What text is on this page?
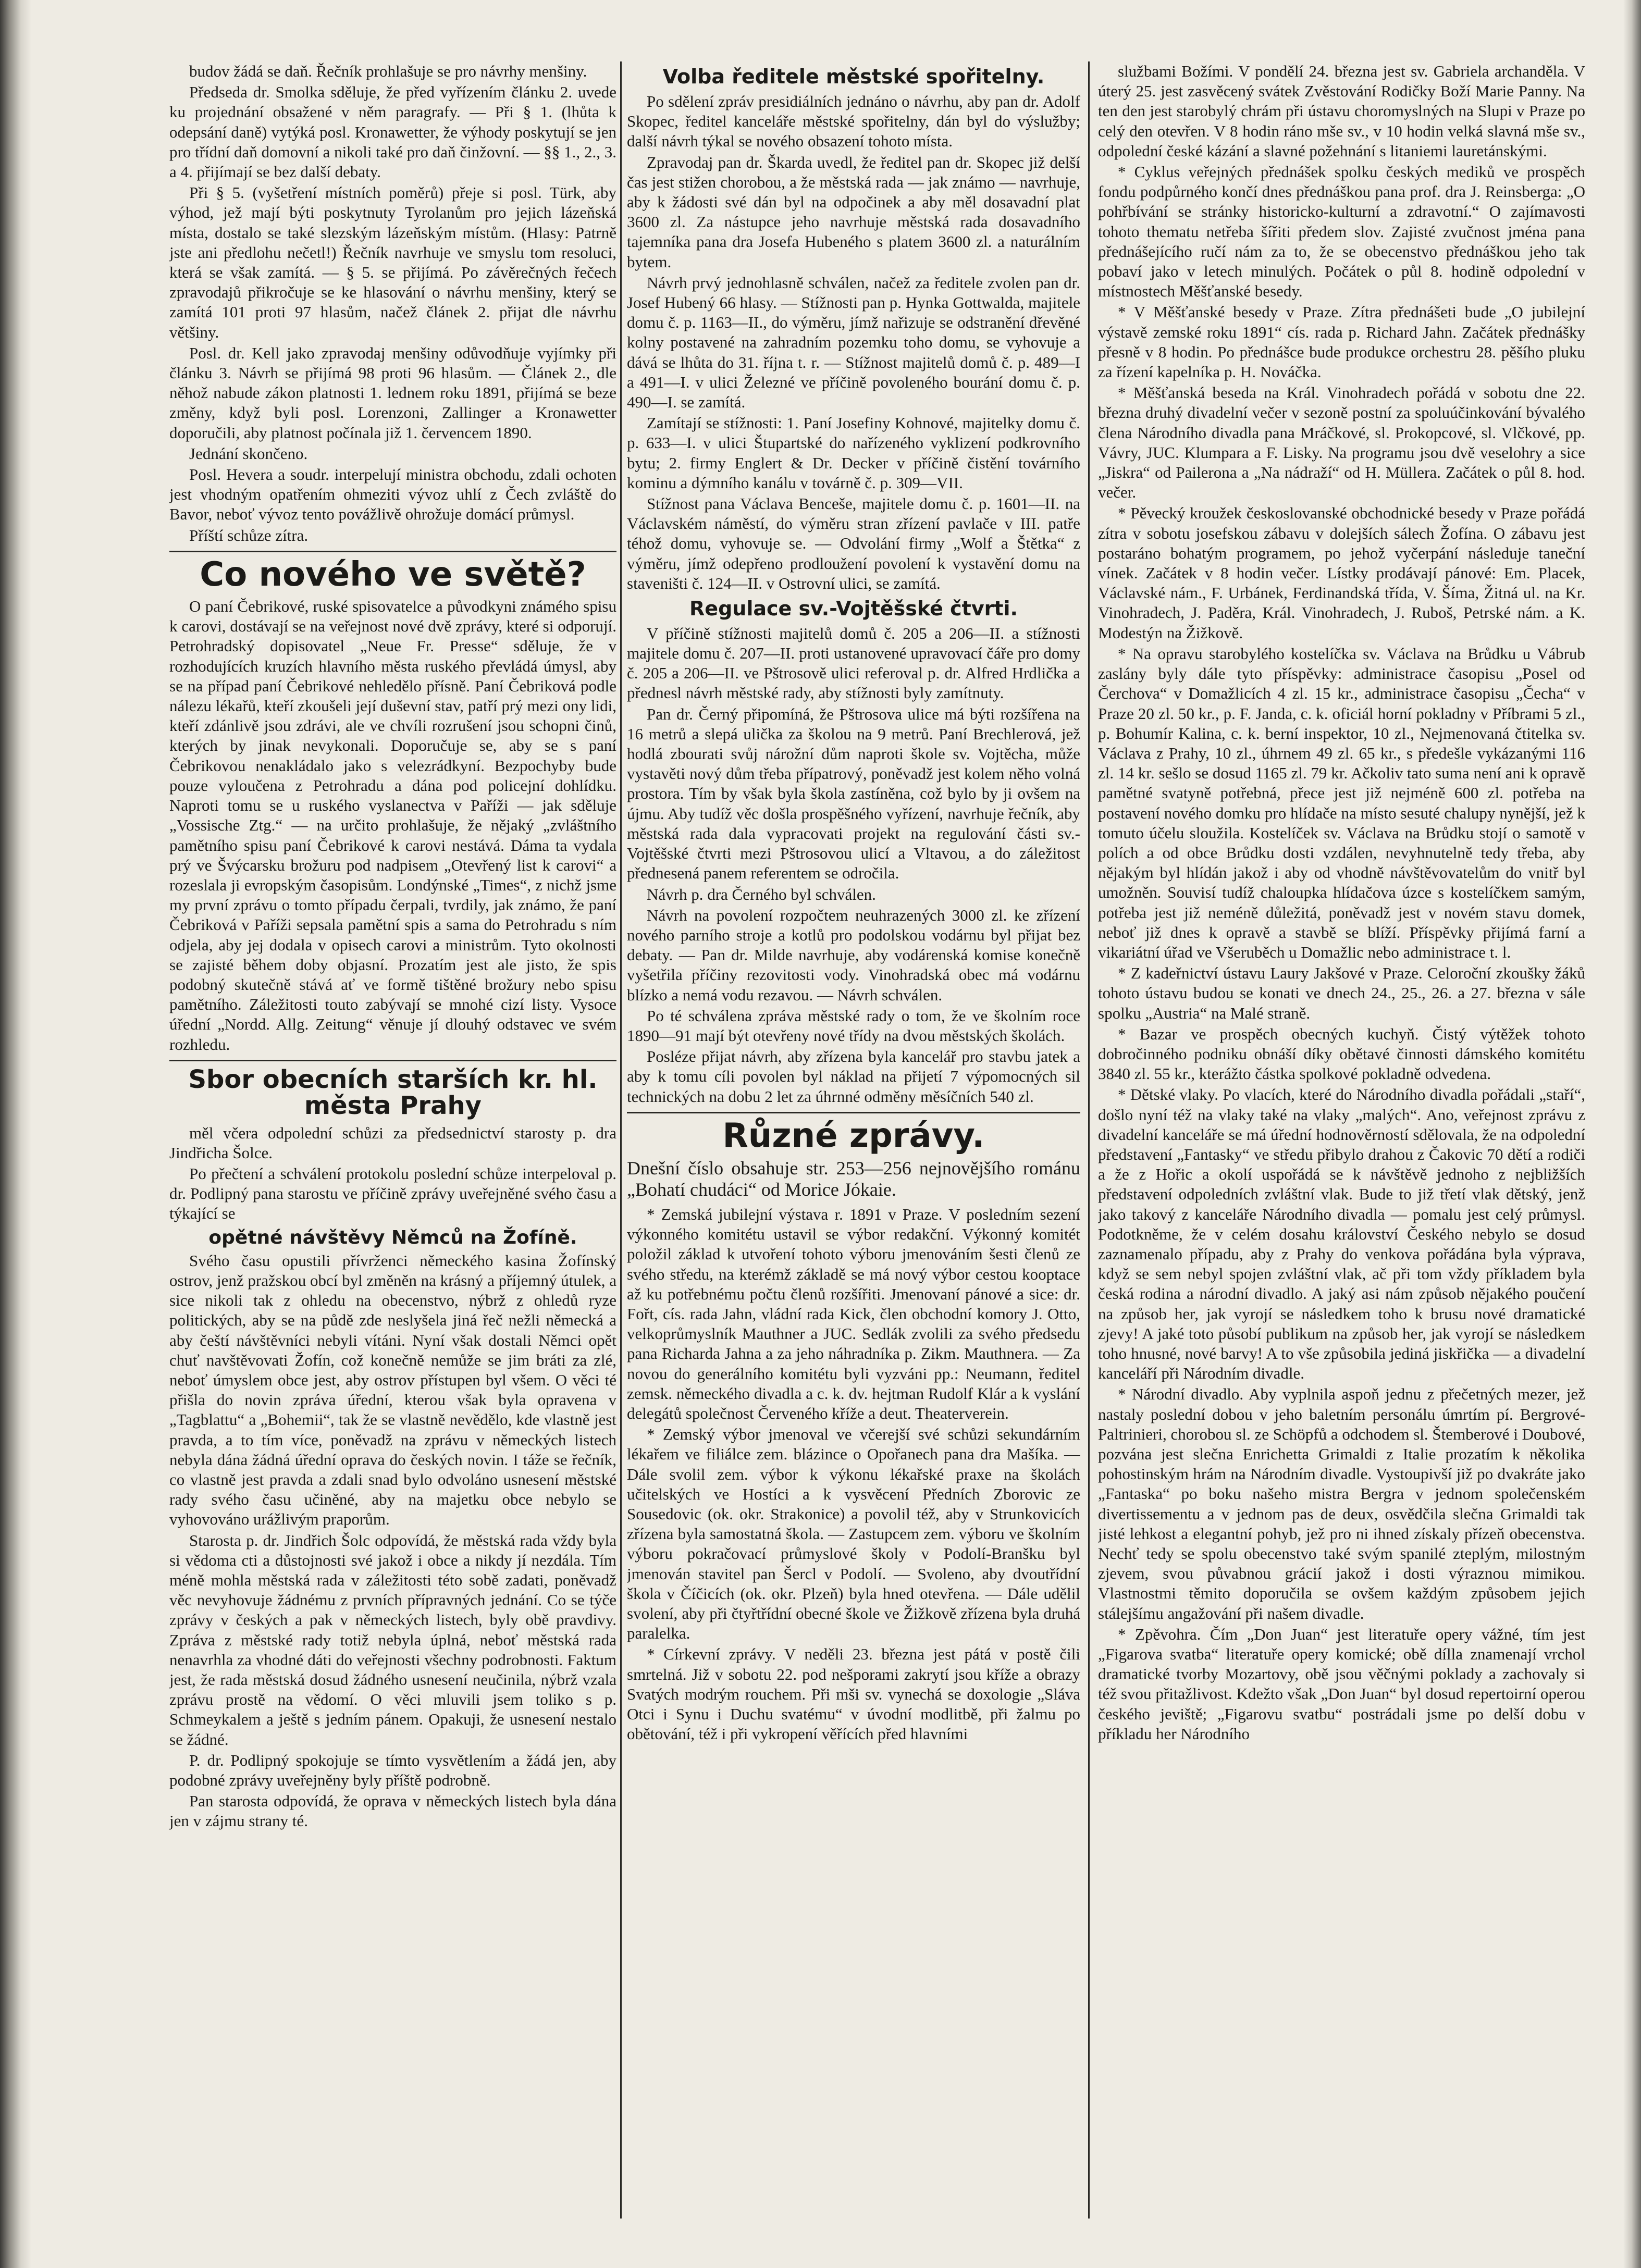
budov žádá se daň. Řečník prohlašuje se pro návrhy menšiny.

Předseda dr. Smolka sděluje, že před vyřízením článku 2. uvede ku projednání obsažené v něm paragrafy. — Při § 1. (lhůta k odepsání daně) vytýká posl. Kronawetter, že výhody poskytují se jen pro třídní daň domovní a nikoli také pro daň činžovní. — §§ 1., 2., 3. a 4. přijímají se bez další debaty.

Při § 5. (vyšetření místních poměrů) přeje si posl. Türk, aby výhod, jež mají býti poskytnuty Tyrolanům pro jejich lázeňská místa, dostalo se také slezským lázeňským místům. (Hlasy: Patrně jste ani předlohu nečetl!) Řečník navrhuje ve smyslu tom resoluci, která se však zamítá. — § 5. se přijímá. Po závěrečných řečech zpravodajů přikročuje se ke hlasování o návrhu menšiny, který se zamítá 101 proti 97 hlasům, načež článek 2. přijat dle návrhu většiny.

Posl. dr. Kell jako zpravodaj menšiny odůvodňuje vyjímky při článku 3. Návrh se přijímá 98 proti 96 hlasům. — Článek 2., dle něhož nabude zákon platnosti 1. lednem roku 1891, přijímá se beze změny, když byli posl. Lorenzoni, Zallinger a Kronawetter doporučili, aby platnost počínala již 1. červencem 1890.

Jednání skončeno.

Posl. Hevera a soudr. interpelují ministra obchodu, zdali ochoten jest vhodným opatřením ohmeziti vývoz uhlí z Čech zvláště do Bavor, neboť vývoz tento povážlivě ohrožuje domácí průmysl.

Příští schůze zítra.

Co nového ve světě?

O paní Čebrikové, ruské spisovatelce a původkyni známého spisu k carovi, dostávají se na veřejnost nové dvě zprávy, které si odporují. Petrohradský dopisovatel „Neue Fr. Presse“ sděluje, že v rozhodujících kruzích hlavního města ruského převládá úmysl, aby se na případ paní Čebrikové nehledělo přísně. Paní Čebriková podle nálezu lékařů, kteří zkoušeli její duševní stav, patří prý mezi ony lidi, kteří zdánlivě jsou zdrávi, ale ve chvíli rozrušení jsou schopni činů, kterých by jinak nevykonali. Doporučuje se, aby se s paní Čebrikovou nenakládalo jako s velezrádkyní. Bezpochyby bude pouze vyloučena z Petrohradu a dána pod policejní dohlídku. Naproti tomu se u ruského vyslanectva v Paříži — jak sděluje „Vossische Ztg.“ — na určito prohlašuje, že nějaký „zvláštního pamětního spisu paní Čebrikové k carovi nestává. Dáma ta vydala prý ve Švýcarsku brožuru pod nadpisem „Otevřený list k carovi“ a rozeslala ji evropským časopisům. Londýnské „Times“, z nichž jsme my první zprávu o tomto případu čerpali, tvrdily, jak známo, že paní Čebriková v Paříži sepsala pamětní spis a sama do Petrohradu s ním odjela, aby jej dodala v opisech carovi a ministrům. Tyto okolnosti se zajisté během doby objasní. Prozatím jest ale jisto, že spis podobný skutečně stává ať ve formě tištěné brožury nebo spisu pamětního. Záležitosti touto zabývají se mnohé cizí listy. Vysoce úřední „Nordd. Allg. Zeitung“ věnuje jí dlouhý odstavec ve svém rozhledu.

Sbor obecních starších kr. hl. města Prahy

měl včera odpolední schůzi za předsednictví starosty p. dra Jindřicha Šolce.

Po přečtení a schválení protokolu poslední schůze interpeloval p. dr. Podlipný pana starostu ve příčině zprávy uveřejněné svého času a týkající se

opětné návštěvy Němců na Žofíně.

Svého času opustili přívrženci německého kasina Žofínský ostrov, jenž pražskou obcí byl změněn na krásný a příjemný útulek, a sice nikoli tak z ohledu na obecenstvo, nýbrž z ohledů ryze politických, aby se na půdě zde neslyšela jiná řeč nežli německá a aby čeští návštěvníci nebyli vítáni. Nyní však dostali Němci opět chuť navštěvovati Žofín, což konečně nemůže se jim bráti za zlé, neboť úmyslem obce jest, aby ostrov přístupen byl všem. O věci té přišla do novin zpráva úřední, kterou však byla opravena v „Tagblattu“ a „Bohemii“, tak že se vlastně nevědělo, kde vlastně jest pravda, a to tím více, poněvadž na zprávu v německých listech nebyla dána žádná úřední oprava do českých novin. I táže se řečník, co vlastně jest pravda a zdali snad bylo odvoláno usnesení městské rady svého času učiněné, aby na majetku obce nebylo se vyhovováno urážlivým praporům.

Starosta p. dr. Jindřich Šolc odpovídá, že městská rada vždy byla si vědoma cti a důstojnosti své jakož i obce a nikdy jí nezdála. Tím méně mohla městská rada v záležitosti této sobě zadati, poněvadž věc nevyhovuje žádnému z prvních přípravných jednání. Co se týče zprávy v českých a pak v německých listech, byly obě pravdivy. Zpráva z městské rady totiž nebyla úplná, neboť městská rada nenavrhla za vhodné dáti do veřejnosti všechny podrobnosti. Faktum jest, že rada městská dosud žádného usnesení neučinila, nýbrž vzala zprávu prostě na vědomí. O věci mluvili jsem toliko s p. Schmeykalem a ještě s jedním pánem. Opakuji, že usnesení nestalo se žádné.

P. dr. Podlipný spokojuje se tímto vysvětlením a žádá jen, aby podobné zprávy uveřejněny byly příště podrobně.

Pan starosta odpovídá, že oprava v německých listech byla dána jen v zájmu strany té.

Volba ředitele městské spořitelny.

Po sdělení zpráv presidiálních jednáno o návrhu, aby pan dr. Adolf Skopec, ředitel kanceláře městské spořitelny, dán byl do výslužby; další návrh týkal se nového obsazení tohoto místa.

Zpravodaj pan dr. Škarda uvedl, že ředitel pan dr. Skopec již delší čas jest stižen chorobou, a že městská rada — jak známo — navrhuje, aby k žádosti své dán byl na odpočinek a aby měl dosavadní plat 3600 zl. Za nástupce jeho navrhuje městská rada dosavadního tajemníka pana dra Josefa Hubeného s platem 3600 zl. a naturálním bytem.

Návrh prvý jednohlasně schválen, načež za ředitele zvolen pan dr. Josef Hubený 66 hlasy. — Stížnosti pan p. Hynka Gottwalda, majitele domu č. p. 1163—II., do výměru, jímž nařizuje se odstranění dřevěné kolny postavené na zahradním pozemku toho domu, se vyhovuje a dává se lhůta do 31. října t. r. — Stížnost majitelů domů č. p. 489—I a 491—I. v ulici Železné ve příčině povoleného bourání domu č. p. 490—I. se zamítá.

Zamítají se stížnosti: 1. Paní Josefiny Kohnové, majitelky domu č. p. 633—I. v ulici Štupartské do nařízeného vyklizení podkrovního bytu; 2. firmy Englert & Dr. Decker v příčině čistění továrního kominu a dýmního kanálu v továrně č. p. 309—VII.

Stížnost pana Václava Benceše, majitele domu č. p. 1601—II. na Václavském náměstí, do výměru stran zřízení pavlače v III. patře téhož domu, vyhovuje se. — Odvolání firmy „Wolf a Štětka“ z výměru, jímž odepřeno prodloužení povolení k vystavění domu na staveništi č. 124—II. v Ostrovní ulici, se zamítá.

Regulace sv.-Vojtěšské čtvrti.

V příčině stížnosti majitelů domů č. 205 a 206—II. a stížnosti majitele domu č. 207—II. proti ustanovené upravovací čáře pro domy č. 205 a 206—II. ve Pštrosově ulici referoval p. dr. Alfred Hrdlička a přednesl návrh městské rady, aby stížnosti byly zamítnuty.

Pan dr. Černý připomíná, že Pštrosova ulice má býti rozšířena na 16 metrů a slepá ulička za školou na 9 metrů. Paní Brechlerová, jež hodlá zbourati svůj nárožní dům naproti škole sv. Vojtěcha, může vystavěti nový dům třeba přípatrový, poněvadž jest kolem něho volná prostora. Tím by však byla škola zastíněna, což bylo by ji ovšem na újmu. Aby tudíž věc došla prospěšného vyřízení, navrhuje řečník, aby městská rada dala vypracovati projekt na regulování části sv.-Vojtěšské čtvrti mezi Pštrosovou ulicí a Vltavou, a do záležitost přednesená panem referentem se odročila.

Návrh p. dra Černého byl schválen.

Návrh na povolení rozpočtem neuhrazených 3000 zl. ke zřízení nového parního stroje a kotlů pro podolskou vodárnu byl přijat bez debaty. — Pan dr. Milde navrhuje, aby vodárenská komise konečně vyšetřila příčiny rezovitosti vody. Vinohradská obec má vodárnu blízko a nemá vodu rezavou. — Návrh schválen.

Po té schválena zpráva městské rady o tom, že ve školním roce 1890—91 mají být otevřeny nové třídy na dvou městských školách.

Posléze přijat návrh, aby zřízena byla kancelář pro stavbu jatek a aby k tomu cíli povolen byl náklad na přijetí 7 výpomocných sil technických na dobu 2 let za úhrnné odměny měsíčních 540 zl.

Různé zprávy.
Dnešní číslo obsahuje str. 253—256 nejnovějšího románu „Bohatí chudáci“ od Morice Jókaie.

* Zemská jubilejní výstava r. 1891 v Praze. V posledním sezení výkonného komitétu ustavil se výbor redakční. Výkonný komitét položil základ k utvoření tohoto výboru jmenováním šesti členů ze svého středu, na kterémž základě se má nový výbor cestou kooptace až ku potřebnému počtu členů rozšířiti. Jmenovaní pánové a sice: dr. Fořt, cís. rada Jahn, vládní rada Kick, člen obchodní komory J. Otto, velkoprůmyslník Mauthner a JUC. Sedlák zvolili za svého předsedu pana Richarda Jahna a za jeho náhradníka p. Zikm. Mauthnera. — Za novou do generálního komitétu byli vyzváni pp.: Neumann, ředitel zemsk. německého divadla a c. k. dv. hejtman Rudolf Klár a k vyslání delegátů společnost Červeného kříže a deut. Theaterverein.

* Zemský výbor jmenoval ve včerejší své schůzi sekundárním lékařem ve filiálce zem. blázince o Opořanech pana dra Mašíka. — Dále svolil zem. výbor k výkonu lékařské praxe na školách učitelských ve Hostíci a k vysvěcení Předních Zborovic ze Sousedovic (ok. okr. Strakonice) a povolil též, aby v Strunkovicích zřízena byla samostatná škola. — Zastupcem zem. výboru ve školním výboru pokračovací průmyslové školy v Podolí-Branšku byl jmenován stavitel pan Šercl v Podolí. — Svoleno, aby dvoutřídní škola v Číčicích (ok. okr. Plzeň) byla hned otevřena. — Dále udělil svolení, aby při čtyřtřídní obecné škole ve Žižkově zřízena byla druhá paralelka.

* Církevní zprávy. V neděli 23. března jest pátá v postě čili smrtelná. Již v sobotu 22. pod nešporami zakrytí jsou kříže a obrazy Svatých modrým rouchem. Při mši sv. vynechá se doxologie „Sláva Otci i Synu i Duchu svatému“ v úvodní modlitbě, při žalmu po obětování, též i při vykropení věřících před hlavními

službami Božími. V pondělí 24. března jest sv. Gabriela archanděla. V úterý 25. jest zasvěcený svátek Zvěstování Rodičky Boží Marie Panny. Na ten den jest starobylý chrám při ústavu choromyslných na Slupi v Praze po celý den otevřen. V 8 hodin ráno mše sv., v 10 hodin velká slavná mše sv., odpolední české kázání a slavné požehnání s litaniemi lauretánskými.

* Cyklus veřejných přednášek spolku českých mediků ve prospěch fondu podpůrného končí dnes přednáškou pana prof. dra J. Reinsberga: „O pohřbívání se stránky historicko-kulturní a zdravotní.“ O zajímavosti tohoto thematu netřeba šířiti předem slov. Zajisté zvučnost jména pana přednášejícího ručí nám za to, že se obecenstvo přednáškou jeho tak pobaví jako v letech minulých. Počátek o půl 8. hodině odpolední v místnostech Měšťanské besedy.

* V Měšťanské besedy v Praze. Zítra přednášeti bude „O jubilejní výstavě zemské roku 1891“ cís. rada p. Richard Jahn. Začátek přednášky přesně v 8 hodin. Po přednášce bude produkce orchestru 28. pěšího pluku za řízení kapelníka p. H. Nováčka.

* Měšťanská beseda na Král. Vinohradech pořádá v sobotu dne 22. března druhý divadelní večer v sezoně postní za spoluúčinkování bývalého člena Národního divadla pana Mráčkové, sl. Prokopcové, sl. Vlčkové, pp. Vávry, JUC. Klumpara a F. Lisky. Na programu jsou dvě veselohry a sice „Jiskra“ od Pailerona a „Na nádraží“ od H. Müllera. Začátek o půl 8. hod. večer.

* Pěvecký kroužek českoslovanské obchodnické besedy v Praze pořádá zítra v sobotu josefskou zábavu v dolejších sálech Žofína. O zábavu jest postaráno bohatým programem, po jehož vyčerpání následuje taneční vínek. Začátek v 8 hodin večer. Lístky prodávají pánové: Em. Placek, Václavské nám., F. Urbánek, Ferdinandská třída, V. Šíma, Žitná ul. na Kr. Vinohradech, J. Paděra, Král. Vinohradech, J. Ruboš, Petrské nám. a K. Modestýn na Žižkově.

* Na opravu starobylého kostelíčka sv. Václava na Brůdku u Vábrub zaslány byly dále tyto příspěvky: administrace časopisu „Posel od Čerchova“ v Domažlicích 4 zl. 15 kr., administrace časopisu „Čecha“ v Praze 20 zl. 50 kr., p. F. Janda, c. k. oficiál horní pokladny v Příbrami 5 zl., p. Bohumír Kalina, c. k. berní inspektor, 10 zl., Nejmenovaná čtitelka sv. Václava z Prahy, 10 zl., úhrnem 49 zl. 65 kr., s předešle vykázanými 116 zl. 14 kr. sešlo se dosud 1165 zl. 79 kr. Ačkoliv tato suma není ani k opravě pamětné svatyně potřebná, přece jest již nejméně 600 zl. potřeba na postavení nového domku pro hlídače na místo sesuté chalupy nynější, jež k tomuto účelu sloužila. Kostelíček sv. Václava na Brůdku stojí o samotě v polích a od obce Brůdku dosti vzdálen, nevyhnutelně tedy třeba, aby nějakým byl hlídán jakož i aby od vhodně návštěvovatelům do vnitř byl umožněn. Souvisí tudíž chaloupka hlídačova úzce s kostelíčkem samým, potřeba jest již neméně důležitá, poněvadž jest v novém stavu domek, neboť již dnes k opravě a stavbě se blíží. Příspěvky přijímá farní a vikariátní úřad ve Všeruběch u Domažlic nebo administrace t. l.

* Z kadeřnictví ústavu Laury Jakšové v Praze. Celoroční zkoušky žáků tohoto ústavu budou se konati ve dnech 24., 25., 26. a 27. března v sále spolku „Austria“ na Malé straně.

* Bazar ve prospěch obecných kuchyň. Čistý výtěžek tohoto dobročinného podniku obnáší díky obětavé činnosti dámského komitétu 3840 zl. 55 kr., kterážto částka spolkové pokladně odvedena.

* Dětské vlaky. Po vlacích, které do Národního divadla pořádali „staří“, došlo nyní též na vlaky také na vlaky „malých“. Ano, veřejnost zprávu z divadelní kanceláře se má úřední hodnověrností sdělovala, že na odpolední představení „Fantasky“ ve středu přibylo drahou z Čakovic 70 dětí a rodiči a že z Hořic a okolí uspořádá se k návštěvě jednoho z nejbližších představení odpoledních zvláštní vlak. Bude to již třetí vlak dětský, jenž jako takový z kanceláře Národního divadla — pomalu jest celý průmysl. Podotkněme, že v celém dosahu království Českého nebylo se dosud zaznamenalo případu, aby z Prahy do venkova pořádána byla výprava, když se sem nebyl spojen zvláštní vlak, ač při tom vždy příkladem byla česká rodina a národní divadlo. A jaký asi nám způsob nějakého poučení na způsob her, jak vyrojí se následkem toho k brusu nové dramatické zjevy! A jaké toto působí publikum na způsob her, jak vyrojí se následkem toho hnusné, nové barvy! A to vše způsobila jediná jiskřička — a divadelní kanceláří při Národním divadle.

* Národní divadlo. Aby vyplnila aspoň jednu z přečetných mezer, jež nastaly poslední dobou v jeho baletním personálu úmrtím pí. Bergrové-Paltrinieri, chorobou sl. ze Schöpfů a odchodem sl. Štemberové i Doubové, pozvána jest slečna Enrichetta Grimaldi z Italie prozatím k několika pohostinským hrám na Národním divadle. Vystoupivší již po dvakráte jako „Fantaska“ po boku našeho mistra Bergra v jednom společenském divertissementu a v jednom pas de deux, osvědčila slečna Grimaldi tak jisté lehkost a elegantní pohyb, jež pro ni ihned získaly přízeň obecenstva. Nechť tedy se spolu obecenstvo také svým spanilé zteplým, milostným zjevem, svou půvabnou grácií jakož i dosti výraznou mimikou. Vlastnostmi těmito doporučila se ovšem každým způsobem jejich stálejšímu angažování při našem divadle.

* Zpěvohra. Čím „Don Juan“ jest literatuře opery vážné, tím jest „Figarova svatba“ literatuře opery komické; obě dílla znamenají vrchol dramatické tvorby Mozartovy, obě jsou věčnými poklady a zachovaly si též svou přitažlivost. Kdežto však „Don Juan“ byl dosud repertoirní operou českého jeviště; „Figarovu svatbu“ postrádali jsme po delší dobu v příkladu her Národního
